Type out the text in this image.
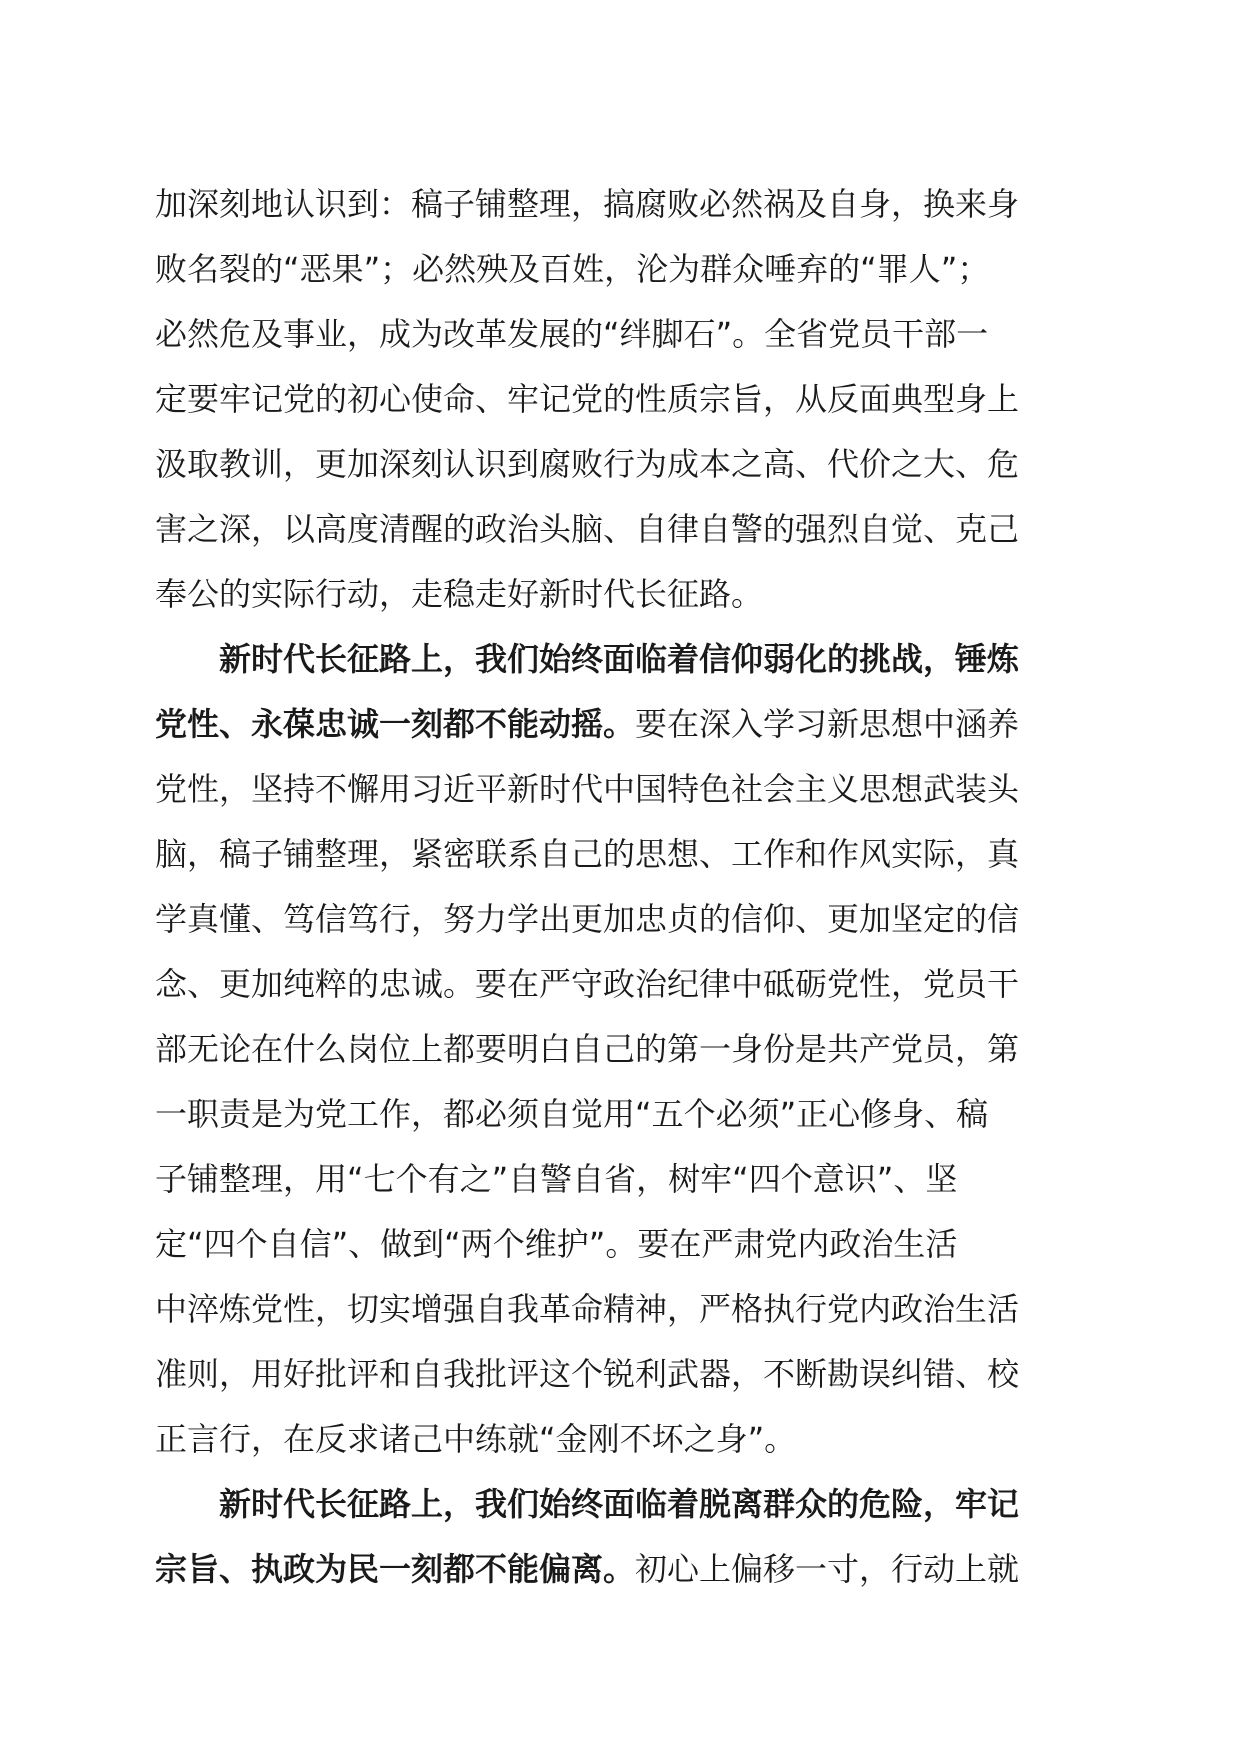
加深刻地认识到：稿子铺整理，搞腐败必然祸及自身，换来身
败名裂的“恶果”；必然殃及百姓，沦为群众唾弃的“罪人”；
必然危及事业，成为改革发展的“绊脚石”。全省党员干部一
定要牢记党的初心使命、牢记党的性质宗旨，从反面典型身上
汲取教训，更加深刻认识到腐败行为成本之高、代价之大、危
害之深，以高度清醒的政治头脑、自律自警的强烈自觉、克己
奉公的实际行动，走稳走好新时代长征路。
新时代长征路上，我们始终面临着信仰弱化的挑战，锤炼
党性、永葆忠诚一刻都不能动摇。要在深入学习新思想中涵养
党性，坚持不懈用习近平新时代中国特色社会主义思想武装头
脑，稿子铺整理，紧密联系自己的思想、工作和作风实际，真
学真懂、笃信笃行，努力学出更加忠贞的信仰、更加坚定的信
念、更加纯粹的忠诚。要在严守政治纪律中砥砺党性，党员干
部无论在什么岗位上都要明白自己的第一身份是共产党员，第
一职责是为党工作，都必须自觉用“五个必须”正心修身、稿
子铺整理，用“七个有之”自警自省，树牢“四个意识”、坚
定“四个自信”、做到“两个维护”。要在严肃党内政治生活
中淬炼党性，切实增强自我革命精神，严格执行党内政治生活
准则，用好批评和自我批评这个锐利武器，不断勘误纠错、校
正言行，在反求诸己中练就“金刚不坏之身”。
新时代长征路上，我们始终面临着脱离群众的危险，牢记
宗旨、执政为民一刻都不能偏离。初心上偏移一寸，行动上就
